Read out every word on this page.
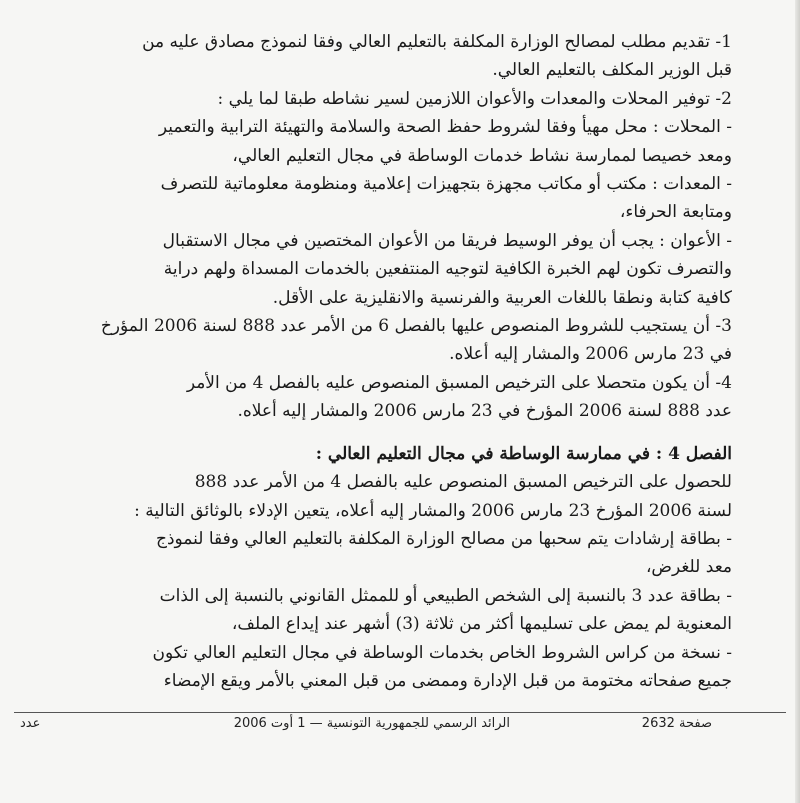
1- تقديم مطلب لمصالح الوزارة المكلفة بالتعليم العالي وفقا لنموذج مصادق عليه من

قبل الوزير المكلف بالتعليم العالي.

2- توفير المحلات والمعدات والأعوان اللازمين لسير نشاطه طبقا لما يلي :

- المحلات : محل مهيأ وفقا لشروط حفظ الصحة والسلامة والتهيئة الترابية والتعمير

ومعد خصيصا لممارسة نشاط خدمات الوساطة في مجال التعليم العالي،

- المعدات : مكتب أو مكاتب مجهزة بتجهيزات إعلامية ومنظومة معلوماتية للتصرف

ومتابعة الحرفاء،

- الأعوان : يجب أن يوفر الوسيط فريقا من الأعوان المختصين في مجال الاستقبال

والتصرف تكون لهم الخبرة الكافية لتوجيه المنتفعين بالخدمات المسداة ولهم دراية

كافية كتابة ونطقا باللغات العربية والفرنسية والانقليزية على الأقل.

3- أن يستجيب للشروط المنصوص عليها بالفصل 6 من الأمر عدد 888 لسنة 2006 المؤرخ

في 23 مارس 2006 والمشار إليه أعلاه.

4- أن يكون متحصلا على الترخيص المسبق المنصوص عليه بالفصل 4 من الأمر

عدد 888 لسنة 2006 المؤرخ في 23 مارس 2006 والمشار إليه أعلاه.

الفصل 4 : في ممارسة الوساطة في مجال التعليم العالي :

للحصول على الترخيص المسبق المنصوص عليه بالفصل 4 من الأمر عدد 888

لسنة 2006 المؤرخ 23 مارس 2006 والمشار إليه أعلاه، يتعين الإدلاء بالوثائق التالية :

- بطاقة إرشادات يتم سحبها من مصالح الوزارة المكلفة بالتعليم العالي وفقا لنموذج

معد للغرض،

- بطاقة عدد 3 بالنسبة إلى الشخص الطبيعي أو للممثل القانوني بالنسبة إلى الذات

المعنوية لم يمض على تسليمها أكثر من ثلاثة (3) أشهر عند إيداع الملف،

- نسخة من كراس الشروط الخاص بخدمات الوساطة في مجال التعليم العالي تكون

جميع صفحاته مختومة من قبل الإدارة وممضى من قبل المعني بالأمر ويقع الإمضاء

صفحة 2632
الرائد الرسمي للجمهورية التونسية — 1 أوت 2006
عدد
